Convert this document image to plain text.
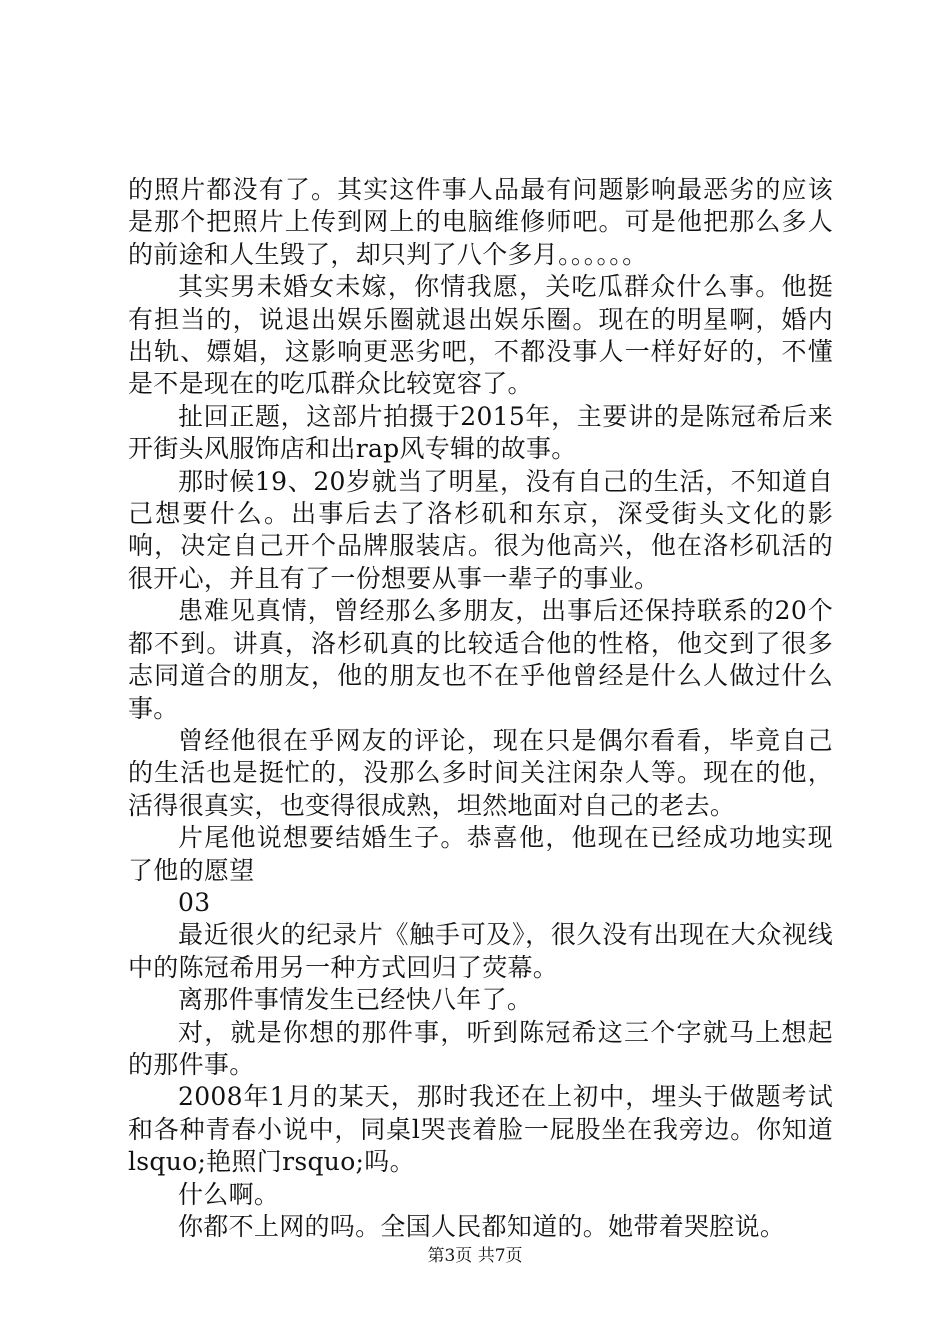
的照片都没有了。其实这件事人品最有问题影响最恶劣的应该是那个把照片上传到网上的电脑维修师吧。可是他把那么多人的前途和人生毁了，却只判了八个多月。。。。。。

其实男未婚女未嫁，你情我愿，关吃瓜群众什么事。他挺有担当的，说退出娱乐圈就退出娱乐圈。现在的明星啊，婚内出轨、嫖娼，这影响更恶劣吧，不都没事人一样好好的，不懂是不是现在的吃瓜群众比较宽容了。

扯回正题，这部片拍摄于2015年，主要讲的是陈冠希后来开街头风服饰店和出rap风专辑的故事。

那时候19、20岁就当了明星，没有自己的生活，不知道自己想要什么。出事后去了洛杉矶和东京，深受街头文化的影响，决定自己开个品牌服装店。很为他高兴，他在洛杉矶活的很开心，并且有了一份想要从事一辈子的事业。

患难见真情，曾经那么多朋友，出事后还保持联系的20个都不到。讲真，洛杉矶真的比较适合他的性格，他交到了很多志同道合的朋友，他的朋友也不在乎他曾经是什么人做过什么事。

曾经他很在乎网友的评论，现在只是偶尔看看，毕竟自己的生活也是挺忙的，没那么多时间关注闲杂人等。现在的他，活得很真实，也变得很成熟，坦然地面对自己的老去。

片尾他说想要结婚生子。恭喜他，他现在已经成功地实现了他的愿望

03

最近很火的纪录片《触手可及》，很久没有出现在大众视线中的陈冠希用另一种方式回归了荧幕。

离那件事情发生已经快八年了。

对，就是你想的那件事，听到陈冠希这三个字就马上想起的那件事。

2008年1月的某天，那时我还在上初中，埋头于做题考试和各种青春小说中，同桌l哭丧着脸一屁股坐在我旁边。你知道lsquo;艳照门rsquo;吗。

什么啊。

你都不上网的吗。全国人民都知道的。她带着哭腔说。

第3页 共7页
